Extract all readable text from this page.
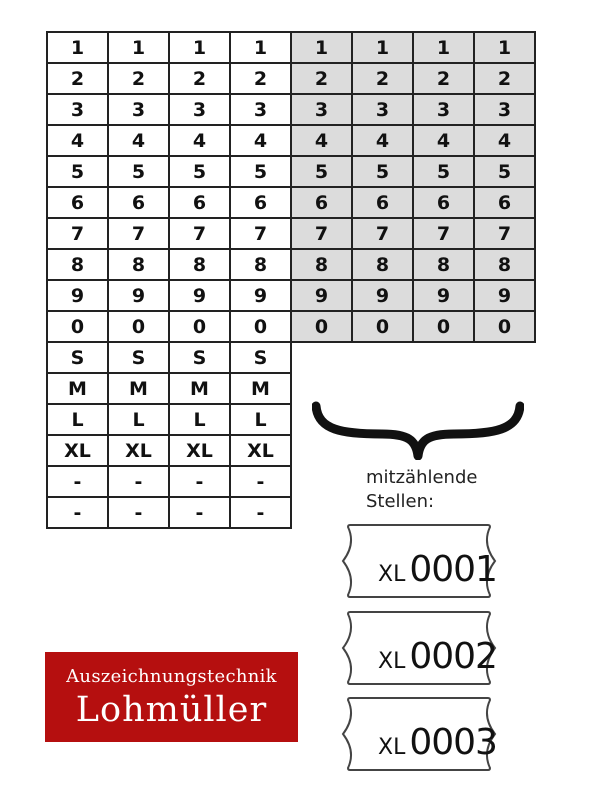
1	1	1	1	1	1	1	1
2	2	2	2	2	2	2	2
3	3	3	3	3	3	3	3
4	4	4	4	4	4	4	4
5	5	5	5	5	5	5	5
6	6	6	6	6	6	6	6
7	7	7	7	7	7	7	7
8	8	8	8	8	8	8	8
9	9	9	9	9	9	9	9
0	0	0	0	0	0	0	0
S	S	S	S				
M	M	M	M				
L	L	L	L				
XL	XL	XL	XL				
-	-	-	-				
-	-	-	-				
mitzählende
Stellen:
XL 0001
XL 0002
XL 0003
Auszeichnungstechnik
Lohmüller
